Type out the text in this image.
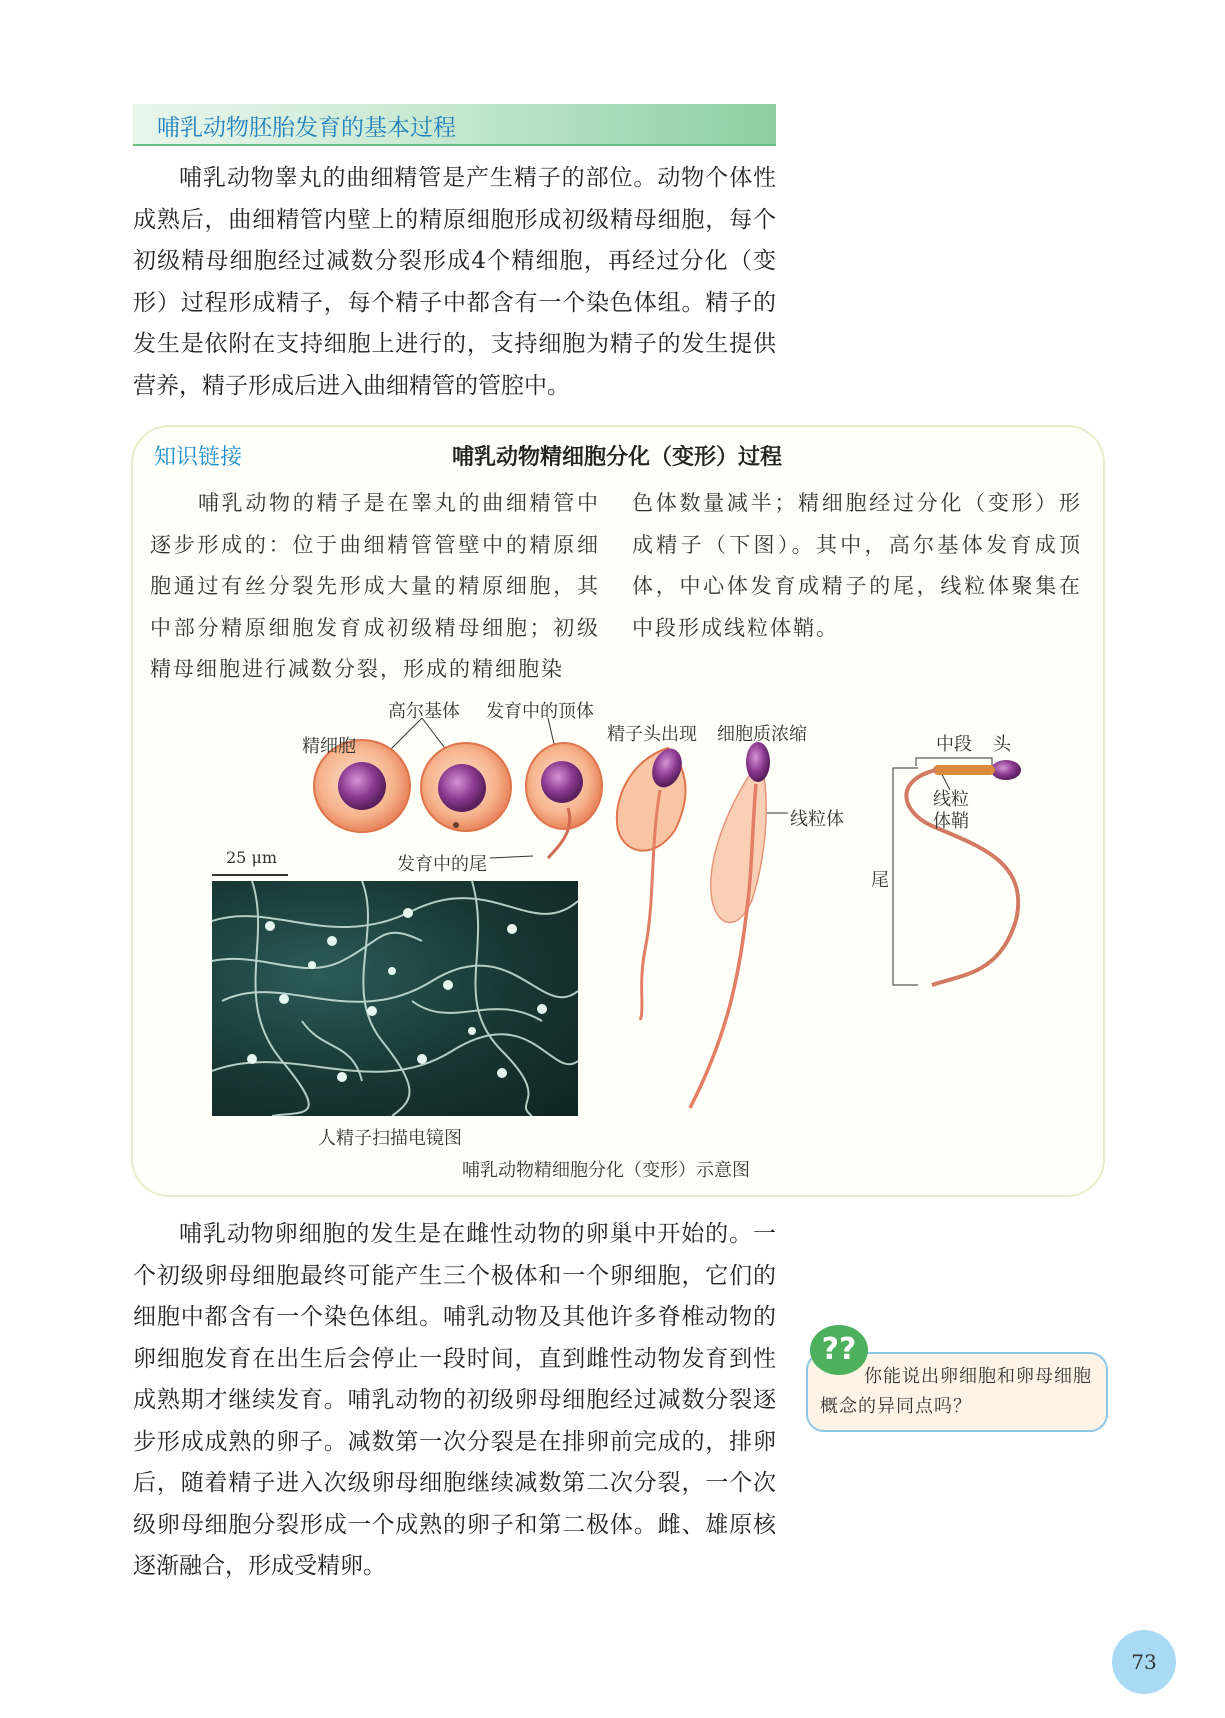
哺乳动物胚胎发育的基本过程

哺乳动物睾丸的曲细精管是产生精子的部位。动物个体性成熟后，曲细精管内壁上的精原细胞形成初级精母细胞，每个初级精母细胞经过减数分裂形成4个精细胞，再经过分化（变形）过程形成精子，每个精子中都含有一个染色体组。精子的发生是依附在支持细胞上进行的，支持细胞为精子的发生提供营养，精子形成后进入曲细精管的管腔中。

知识链接	哺乳动物精细胞分化（变形）过程

哺乳动物的精子是在睾丸的曲细精管中逐步形成的：位于曲细精管管壁中的精原细胞通过有丝分裂先形成大量的精原细胞，其中部分精原细胞发育成初级精母细胞；初级精母细胞进行减数分裂，形成的精细胞染

色体数量减半；精细胞经过分化（变形）形成精子（下图）。其中，高尔基体发育成顶体，中心体发育成精子的尾，线粒体聚集在中段形成线粒体鞘。

精细胞
高尔基体 发育中的顶体
精子头出现 细胞质浓缩
线粒体
发育中的尾
中段 头
线粒
体鞘
尾
25 μm
人精子扫描电镜图
哺乳动物精细胞分化（变形）示意图

哺乳动物卵细胞的发生是在雌性动物的卵巢中开始的。一个初级卵母细胞最终可能产生三个极体和一个卵细胞，它们的细胞中都含有一个染色体组。哺乳动物及其他许多脊椎动物的卵细胞发育在出生后会停止一段时间，直到雌性动物发育到性成熟期才继续发育。哺乳动物的初级卵母细胞经过减数分裂逐步形成成熟的卵子。减数第一次分裂是在排卵前完成的，排卵后，随着精子进入次级卵母细胞继续减数第二次分裂，一个次级卵母细胞分裂形成一个成熟的卵子和第二极体。雌、雄原核逐渐融合，形成受精卵。

??

你能说出卵细胞和卵母细胞概念的异同点吗？

73
